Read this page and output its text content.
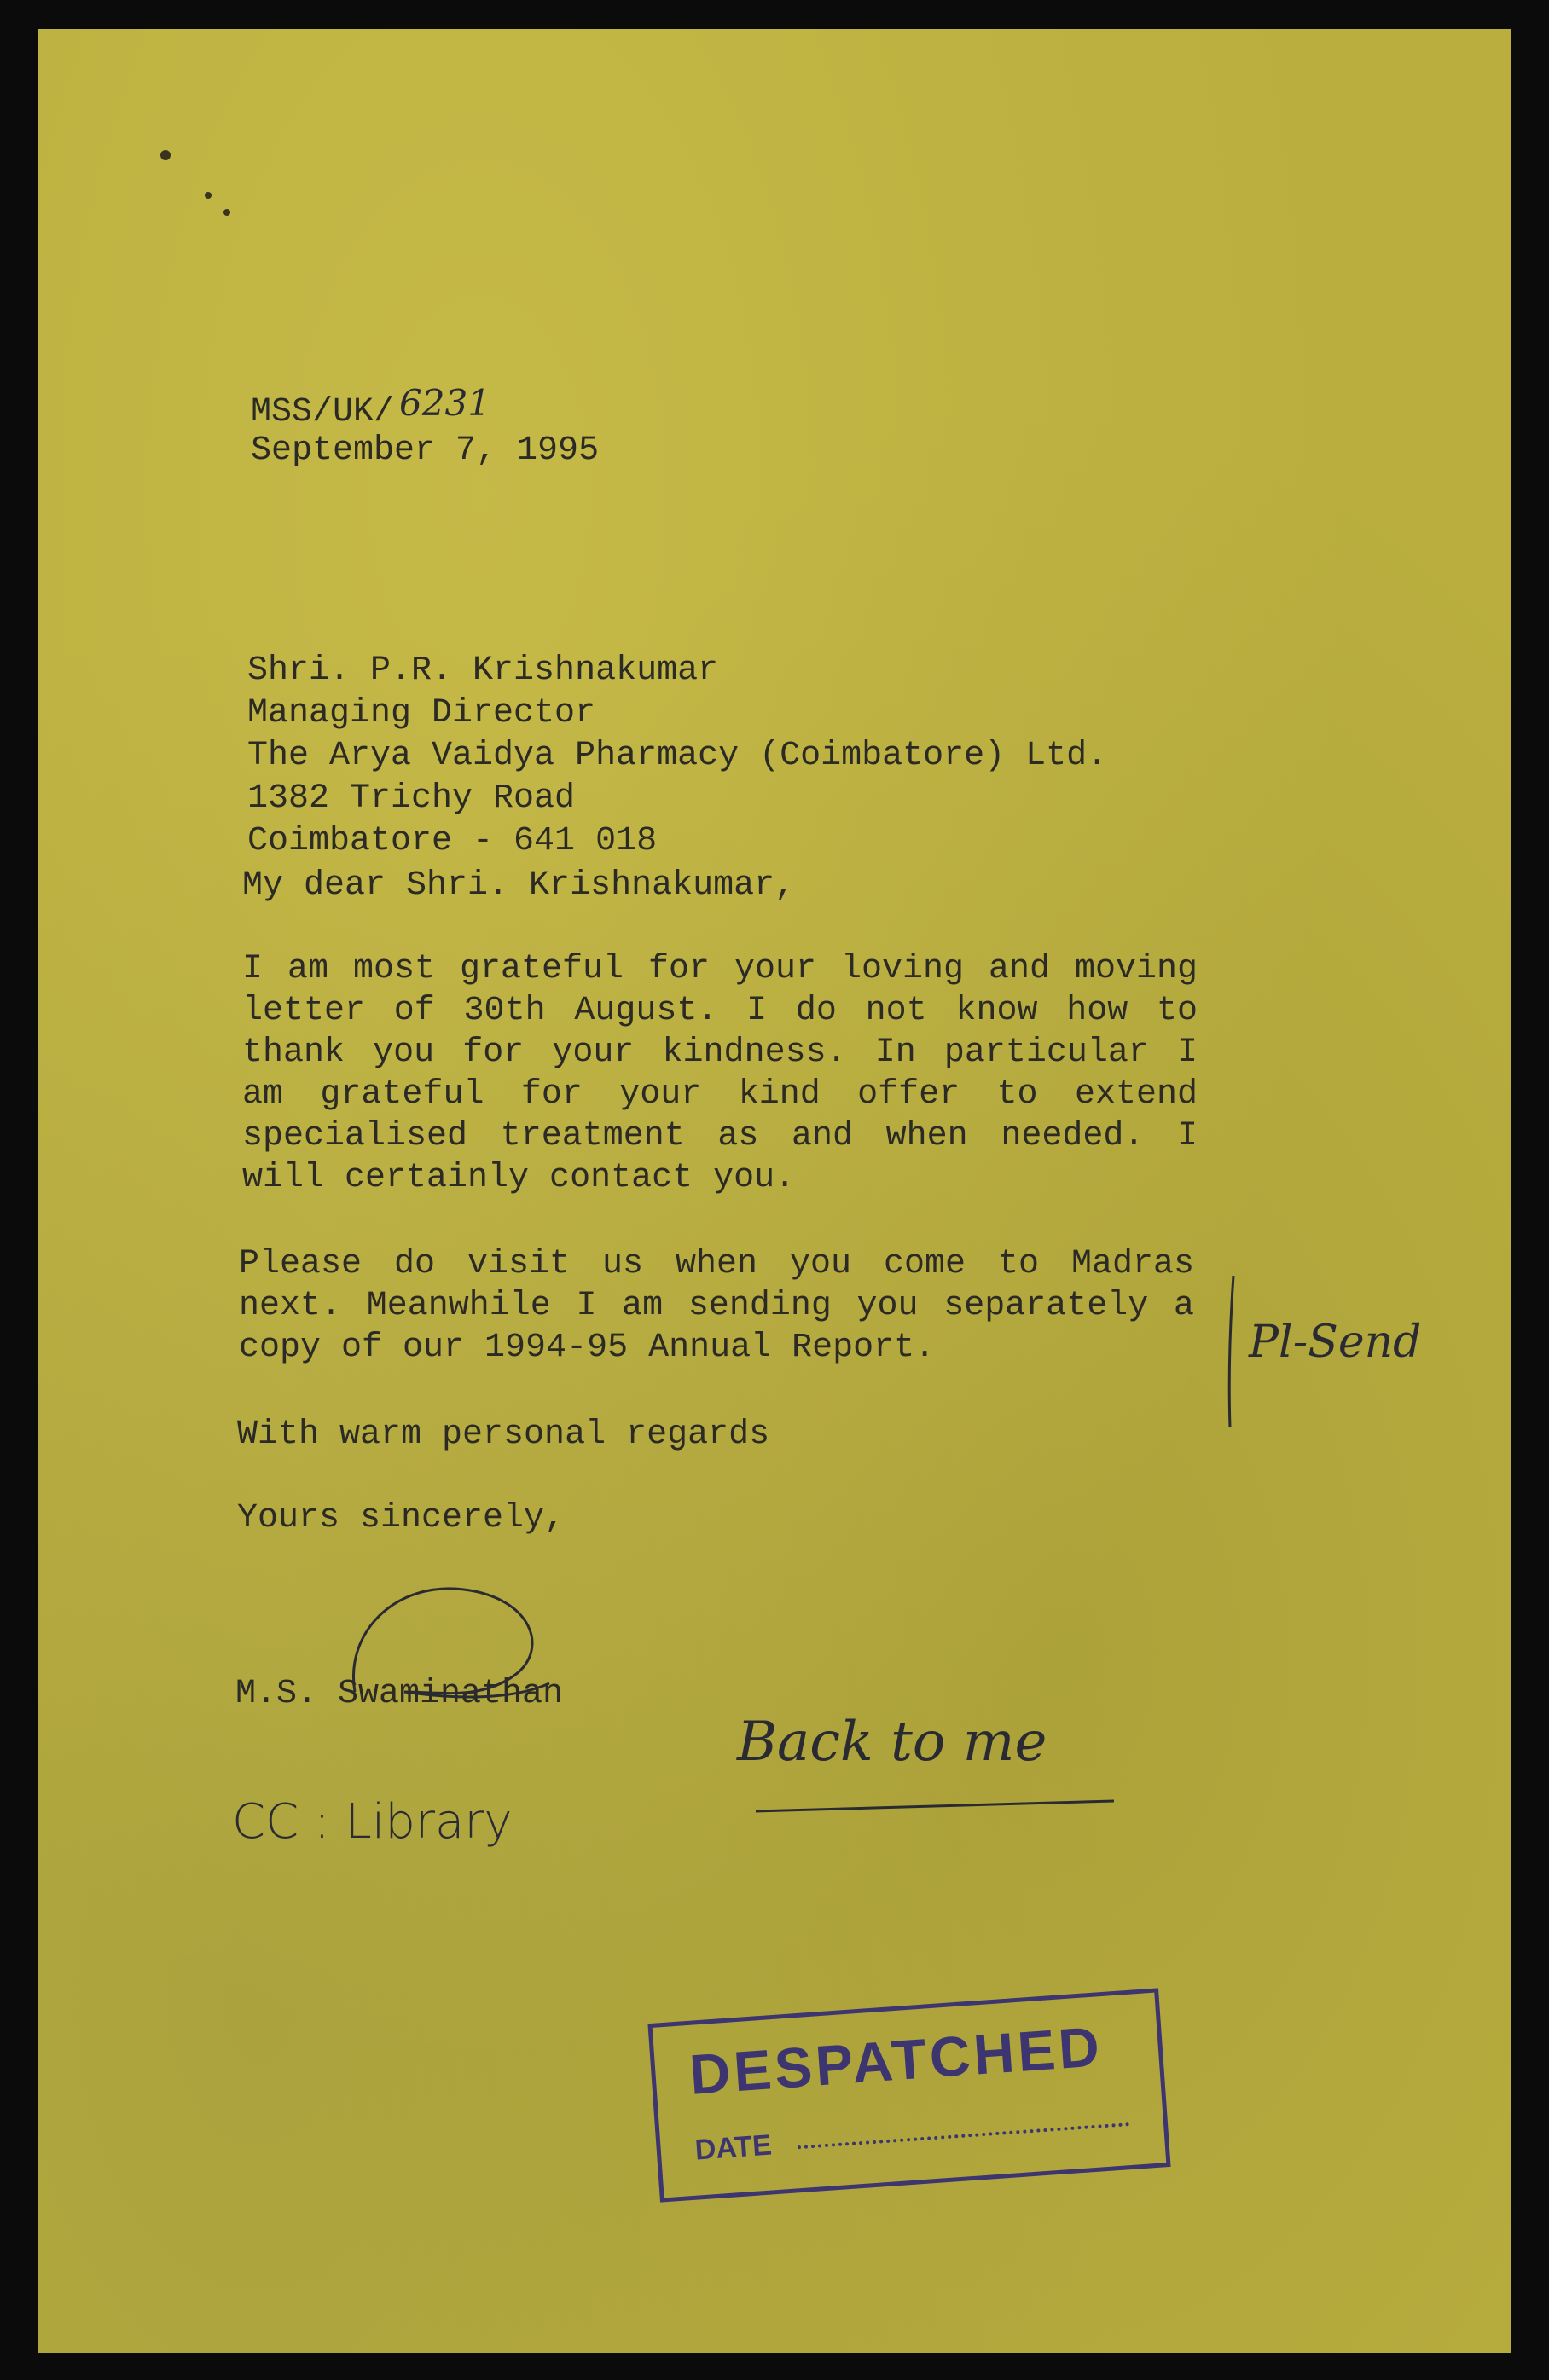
MSS/UK/ 6231
September 7, 1995

Shri. P.R. Krishnakumar
Managing Director
The Arya Vaidya Pharmacy (Coimbatore) Ltd.
1382 Trichy Road
Coimbatore - 641 018

My dear Shri. Krishnakumar,

I am most grateful for your loving and moving letter of 30th August. I do not know how to thank you for your kindness. In particular I am grateful for your kind offer to extend specialised treatment as and when needed. I will certainly contact you.

Please do visit us when you come to Madras next. Meanwhile I am sending you separately a copy of our 1994-95 Annual Report.

With warm personal regards
Yours sincerely,
M.S. Swaminathan
Pl-Send
Back to me
CC : Library
DESPATCHED
DATE
